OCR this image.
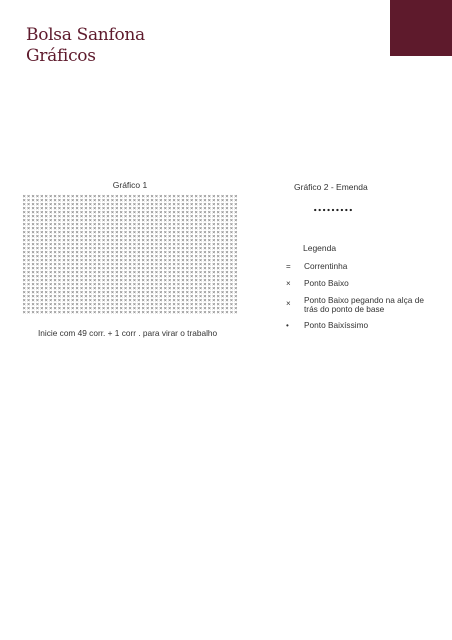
Bolsa Sanfona
Gráficos
Gráfico 1
× × × × × × × × × × × × × × × × × × × × × × × × × × × × × × × × × × × × × × × × × × × × × × × × ×
× × × × × × × × × × × × × × × × × × × × × × × × × × × × × × × × × × × × × × × × × × × × × × × × ×
× × × × × × × × × × × × × × × × × × × × × × × × × × × × × × × × × × × × × × × × × × × × × × × × ×
× × × × × × × × × × × × × × × × × × × × × × × × × × × × × × × × × × × × × × × × × × × × × × × × ×
× × × × × × × × × × × × × × × × × × × × × × × × × × × × × × × × × × × × × × × × × × × × × × × × ×
× × × × × × × × × × × × × × × × × × × × × × × × × × × × × × × × × × × × × × × × × × × × × × × × ×
× × × × × × × × × × × × × × × × × × × × × × × × × × × × × × × × × × × × × × × × × × × × × × × × ×
× × × × × × × × × × × × × × × × × × × × × × × × × × × × × × × × × × × × × × × × × × × × × × × × ×
× × × × × × × × × × × × × × × × × × × × × × × × × × × × × × × × × × × × × × × × × × × × × × × × ×
× × × × × × × × × × × × × × × × × × × × × × × × × × × × × × × × × × × × × × × × × × × × × × × × ×
× × × × × × × × × × × × × × × × × × × × × × × × × × × × × × × × × × × × × × × × × × × × × × × × ×
× × × × × × × × × × × × × × × × × × × × × × × × × × × × × × × × × × × × × × × × × × × × × × × × ×
× × × × × × × × × × × × × × × × × × × × × × × × × × × × × × × × × × × × × × × × × × × × × × × × ×
× × × × × × × × × × × × × × × × × × × × × × × × × × × × × × × × × × × × × × × × × × × × × × × × ×
× × × × × × × × × × × × × × × × × × × × × × × × × × × × × × × × × × × × × × × × × × × × × × × × ×
× × × × × × × × × × × × × × × × × × × × × × × × × × × × × × × × × × × × × × × × × × × × × × × × ×
× × × × × × × × × × × × × × × × × × × × × × × × × × × × × × × × × × × × × × × × × × × × × × × × ×
× × × × × × × × × × × × × × × × × × × × × × × × × × × × × × × × × × × × × × × × × × × × × × × × ×
× × × × × × × × × × × × × × × × × × × × × × × × × × × × × × × × × × × × × × × × × × × × × × × × ×
× × × × × × × × × × × × × × × × × × × × × × × × × × × × × × × × × × × × × × × × × × × × × × × × ×
× × × × × × × × × × × × × × × × × × × × × × × × × × × × × × × × × × × × × × × × × × × × × × × × ×
× × × × × × × × × × × × × × × × × × × × × × × × × × × × × × × × × × × × × × × × × × × × × × × × ×
× × × × × × × × × × × × × × × × × × × × × × × × × × × × × × × × × × × × × × × × × × × × × × × × ×
× × × × × × × × × × × × × × × × × × × × × × × × × × × × × × × × × × × × × × × × × × × × × × × × ×
× × × × × × × × × × × × × × × × × × × × × × × × × × × × × × × × × × × × × × × × × × × × × × × × ×
× × × × × × × × × × × × × × × × × × × × × × × × × × × × × × × × × × × × × × × × × × × × × × × × ×
× × × × × × × × × × × × × × × × × × × × × × × × × × × × × × × × × × × × × × × × × × × × × × × × ×
× × × × × × × × × × × × × × × × × × × × × × × × × × × × × × × × × × × × × × × × × × × × × × × × ×
× × × × × × × × × × × × × × × × × × × × × × × × × × × × × × × × × × × × × × × × × × × × × × × × ×
× × × × × × × × × × × × × × × × × × × × × × × × × × × × × × × × × × × × × × × × × × × × × × × × ×
Inicie com 49 corr. + 1 corr . para virar o trabalho
Gráfico 2 - Emenda
Legenda
=	Correntinha
×	Ponto Baixo
×	Ponto Baixo pegando na alça de trás do ponto de base
•	Ponto Baixíssimo
